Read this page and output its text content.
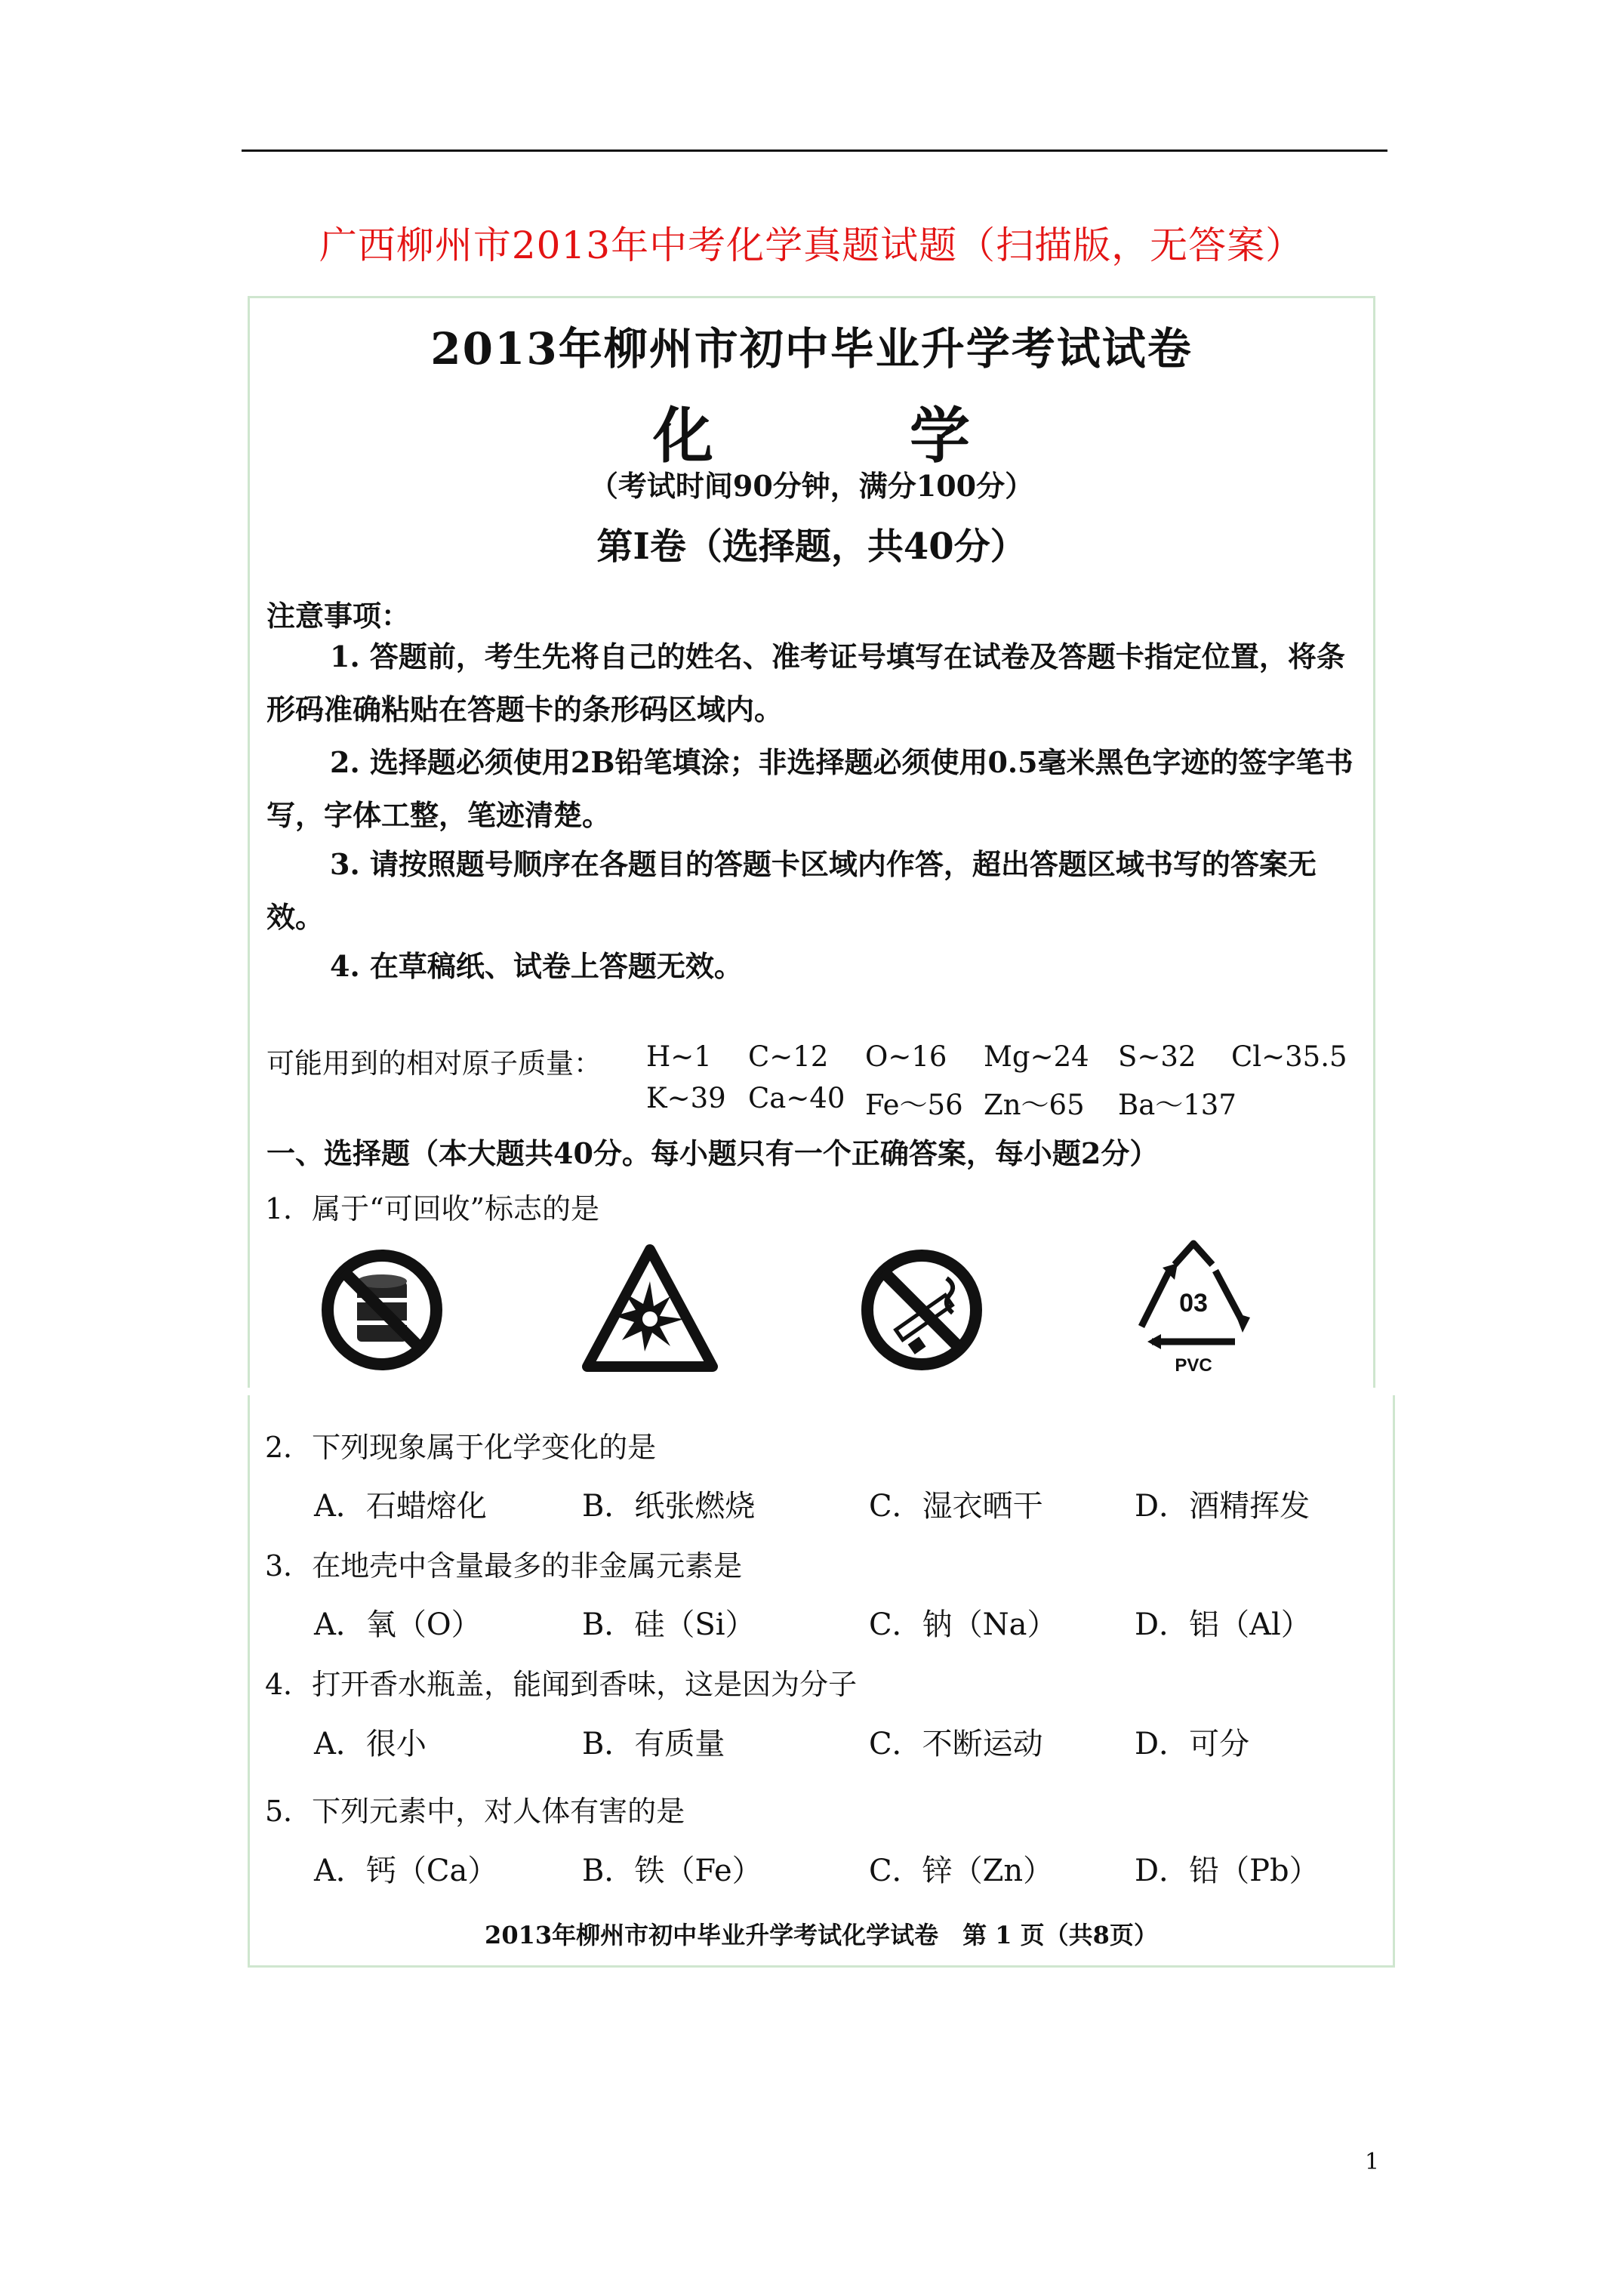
广西柳州市2013年中考化学真题试题（扫描版，无答案）
2013年柳州市初中毕业升学考试试卷
化　学
（考试时间90分钟，满分100分）
第Ⅰ卷（选择题，共40分）
注意事项：
1. 答题前，考生先将自己的姓名、准考证号填写在试卷及答题卡指定位置，将条形码准确粘贴在答题卡的条形码区域内。
2. 选择题必须使用2B铅笔填涂；非选择题必须使用0.5毫米黑色字迹的签字笔书写，字体工整，笔迹清楚。
3. 请按照题号顺序在各题目的答题卡区域内作答，超出答题区域书写的答案无效。
4. 在草稿纸、试卷上答题无效。
可能用到的相对原子质量： H~1 C~12 O~16 Mg~24 S~32 Cl~35.5
K~39 Ca~40 Fe～56 Zn～65 Ba～137
一、选择题（本大题共40分。每小题只有一个正确答案，每小题2分）
1．属于“可回收”标志的是
03
PVC
2．下列现象属于化学变化的是
A．石蜡熔化	B．纸张燃烧	C．湿衣晒干	D．酒精挥发
3．在地壳中含量最多的非金属元素是
A．氧（O）	B．硅（Si）	C．钠（Na）	D．铝（Al）
4．打开香水瓶盖，能闻到香味，这是因为分子
A．很小	B．有质量	C．不断运动	D．可分
5．下列元素中，对人体有害的是
A．钙（Ca）	B．铁（Fe）	C．锌（Zn）	D．铅（Pb）
2013年柳州市初中毕业升学考试化学试卷　第 1 页（共8页）
1
